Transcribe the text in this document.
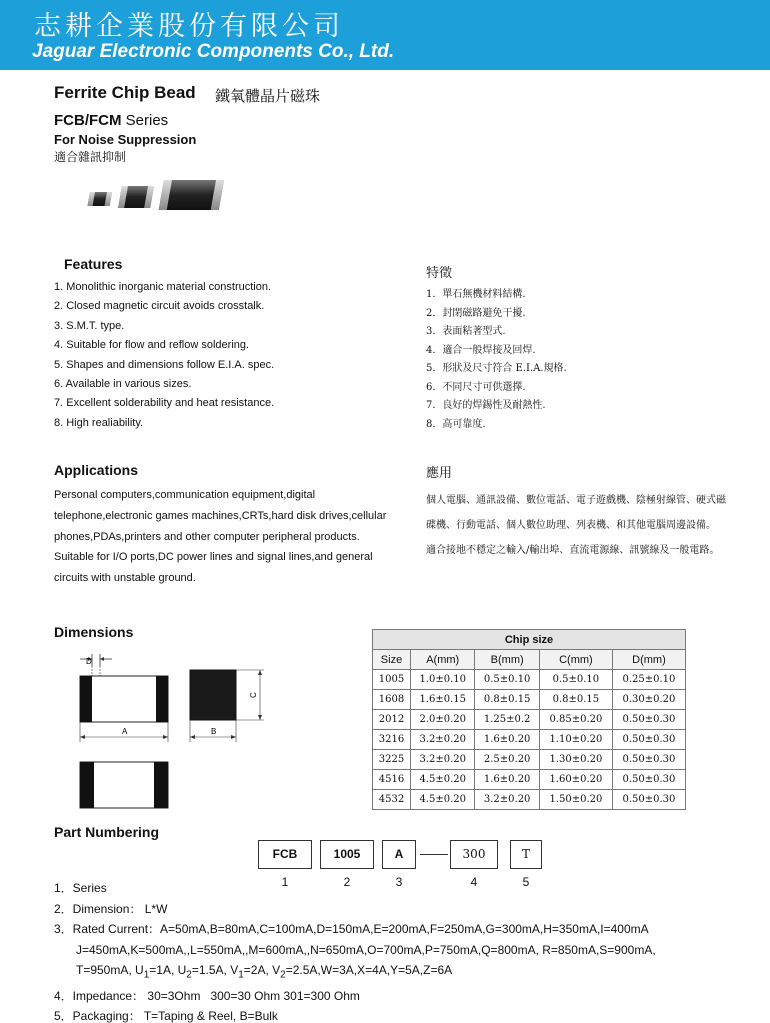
志耕企業股份有限公司
Jaguar Electronic Components Co., Ltd.
Ferrite Chip Bead 鐵氧體晶片磁珠
FCB/FCM Series
For Noise Suppression
適合雜訊抑制
Features
特徵
1. Monolithic inorganic material construction.
2. Closed magnetic circuit avoids crosstalk.
3. S.M.T. type.
4. Suitable for flow and reflow soldering.
5. Shapes and dimensions follow E.I.A. spec.
6. Available in various sizes.
7. Excellent solderability and heat resistance.
8. High realiability.
1．單石無機材料結構.
2．封閉磁路避免干擾.
3．表面粘著型式.
4．適合一般焊接及回焊.
5．形狀及尺寸符合 E.I.A.規格.
6．不同尺寸可供選擇.
7．良好的焊錫性及耐熱性.
8．高可靠度.
Applications	應用
Personal computers,communication equipment,digital telephone,electronic games machines,CRTs,hard disk drives,cellular phones,PDAs,printers and other computer peripheral products.
Suitable for I/O ports,DC power lines and signal lines,and general circuits with unstable ground.
個人電腦、通訊設備、數位電話、電子遊戲機、陰極射線管、硬式磁碟機、行動電話、個人數位助理、列表機、和其他電腦周邊設備。
適合接地不穩定之輸入/輸出埠、直流電源線、訊號線及一般電路。
Dimensions
D
A
C
B
Chip size				
Size	A(mm)	B(mm)	C(mm)	D(mm)
1005	1.0±0.10	0.5±0.10	0.5±0.10	0.25±0.10
1608	1.6±0.15	0.8±0.15	0.8±0.15	0.30±0.20
2012	2.0±0.20	1.25±0.2	0.85±0.20	0.50±0.30
3216	3.2±0.20	1.6±0.20	1.10±0.20	0.50±0.30
3225	3.2±0.20	2.5±0.20	1.30±0.20	0.50±0.30
4516	4.5±0.20	1.6±0.20	1.60±0.20	0.50±0.30
4532	4.5±0.20	3.2±0.20	1.50±0.20	0.50±0.30
Part Numbering
FCB	1005	A	300	T
1	2	3	4	5
1．Series
2．Dimension： L*W
3．Rated Current：A=50mA,B=80mA,C=100mA,D=150mA,E=200mA,F=250mA,G=300mA,H=350mA,I=400mA
J=450mA,K=500mA,,L=550mA,,M=600mA,,N=650mA,O=700mA,P=750mA,Q=800mA, R=850mA,S=900mA,
T=950mA, $U_1=1A$, $U_2=1.5A$, $V_1=2A$, $V_2=2.5A,W=3A,X=4A,Y=5A,Z=6A$
4．Impedance： 30=3Ohm   300=30 Ohm 301=300 Ohm
5．Packaging： T=Taping & Reel, B=Bulk
